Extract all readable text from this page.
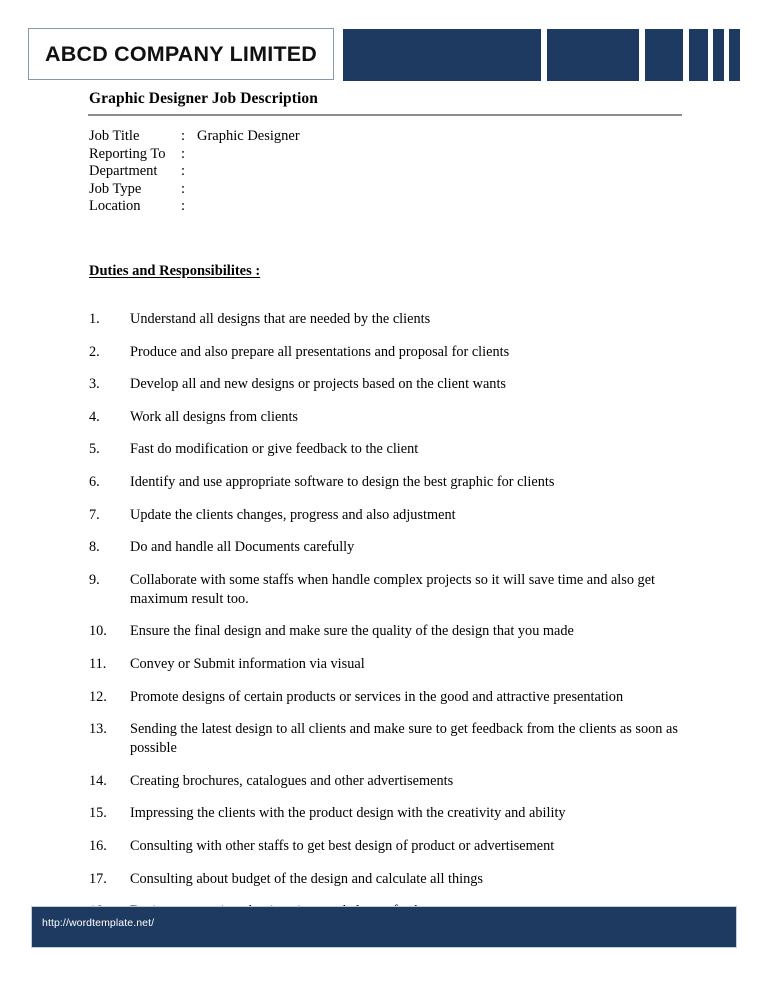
ABCD COMPANY LIMITED
Graphic Designer Job Description
Job Title	: Graphic Designer
Reporting To	:
Department	:
Job Type	:
Location	:
Duties and Responsibilites :
1.	Understand all designs that are needed by the clients
2.	Produce and also prepare all presentations and proposal for clients
3.	Develop all and new designs or projects based on the client wants
4.	Work all designs from clients
5.	Fast do modification or give feedback to the client
6.	Identify and use appropriate software to design the best graphic for clients
7.	Update the clients changes, progress and also adjustment
8.	Do and handle all Documents carefully
9.	Collaborate with some staffs when handle complex projects so it will save time and also get maximum result too.
10.	Ensure the final design and make sure the quality of the design that you made
11.	Convey or Submit information via visual
12.	Promote designs of certain products or services in the good and attractive presentation
13.	Sending the latest design to all clients and make sure to get feedback from the clients as soon as possible
14.	Creating brochures, catalogues and other advertisements
15.	Impressing the clients with the product design with the creativity and ability
16.	Consulting with other staffs to get best design of product or advertisement
17.	Consulting about budget of the design and calculate all things
http://wordtemplate.net/
